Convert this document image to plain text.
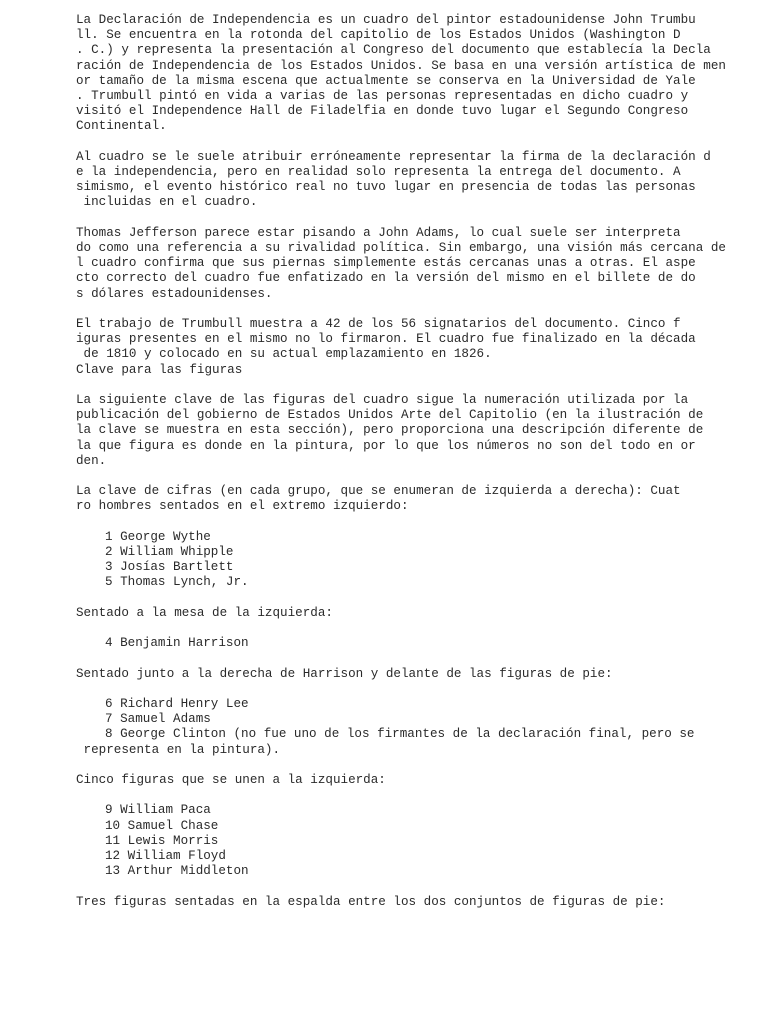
La Declaración de Independencia es un cuadro del pintor estadounidense John Trumbu
ll. Se encuentra en la rotonda del capitolio de los Estados Unidos (Washington D
. C.) y representa la presentación al Congreso del documento que establecía la Decla
ración de Independencia de los Estados Unidos. Se basa en una versión artística de men
or tamaño de la misma escena que actualmente se conserva en la Universidad de Yale
. Trumbull pintó en vida a varias de las personas representadas en dicho cuadro y
visitó el Independence Hall de Filadelfia en donde tuvo lugar el Segundo Congreso
Continental.
Al cuadro se le suele atribuir erróneamente representar la firma de la declaración d
e la independencia, pero en realidad solo representa la entrega del documento. A
simismo, el evento histórico real no tuvo lugar en presencia de todas las personas
incluidas en el cuadro.
Thomas Jefferson parece estar pisando a John Adams, lo cual suele ser interpreta
do como una referencia a su rivalidad política. Sin embargo, una visión más cercana de
l cuadro confirma que sus piernas simplemente estás cercanas unas a otras. El aspe
cto correcto del cuadro fue enfatizado en la versión del mismo en el billete de do
s dólares estadounidenses.
El trabajo de Trumbull muestra a 42 de los 56 signatarios del documento. Cinco f
iguras presentes en el mismo no lo firmaron. El cuadro fue finalizado en la década
de 1810 y colocado en su actual emplazamiento en 1826.
Clave para las figuras
La siguiente clave de las figuras del cuadro sigue la numeración utilizada por la
publicación del gobierno de Estados Unidos Arte del Capitolio (en la ilustración de
la clave se muestra en esta sección), pero proporciona una descripción diferente de
la que figura es donde en la pintura, por lo que los números no son del todo en or
den.
La clave de cifras (en cada grupo, que se enumeran de izquierda a derecha): Cuat
ro hombres sentados en el extremo izquierdo:
1 George Wythe
2 William Whipple
3 Josías Bartlett
5 Thomas Lynch, Jr.
Sentado a la mesa de la izquierda:
4 Benjamin Harrison
Sentado junto a la derecha de Harrison y delante de las figuras de pie:
6 Richard Henry Lee
7 Samuel Adams
8 George Clinton (no fue uno de los firmantes de la declaración final, pero se
representa en la pintura).
Cinco figuras que se unen a la izquierda:
9 William Paca
10 Samuel Chase
11 Lewis Morris
12 William Floyd
13 Arthur Middleton
Tres figuras sentadas en la espalda entre los dos conjuntos de figuras de pie:
